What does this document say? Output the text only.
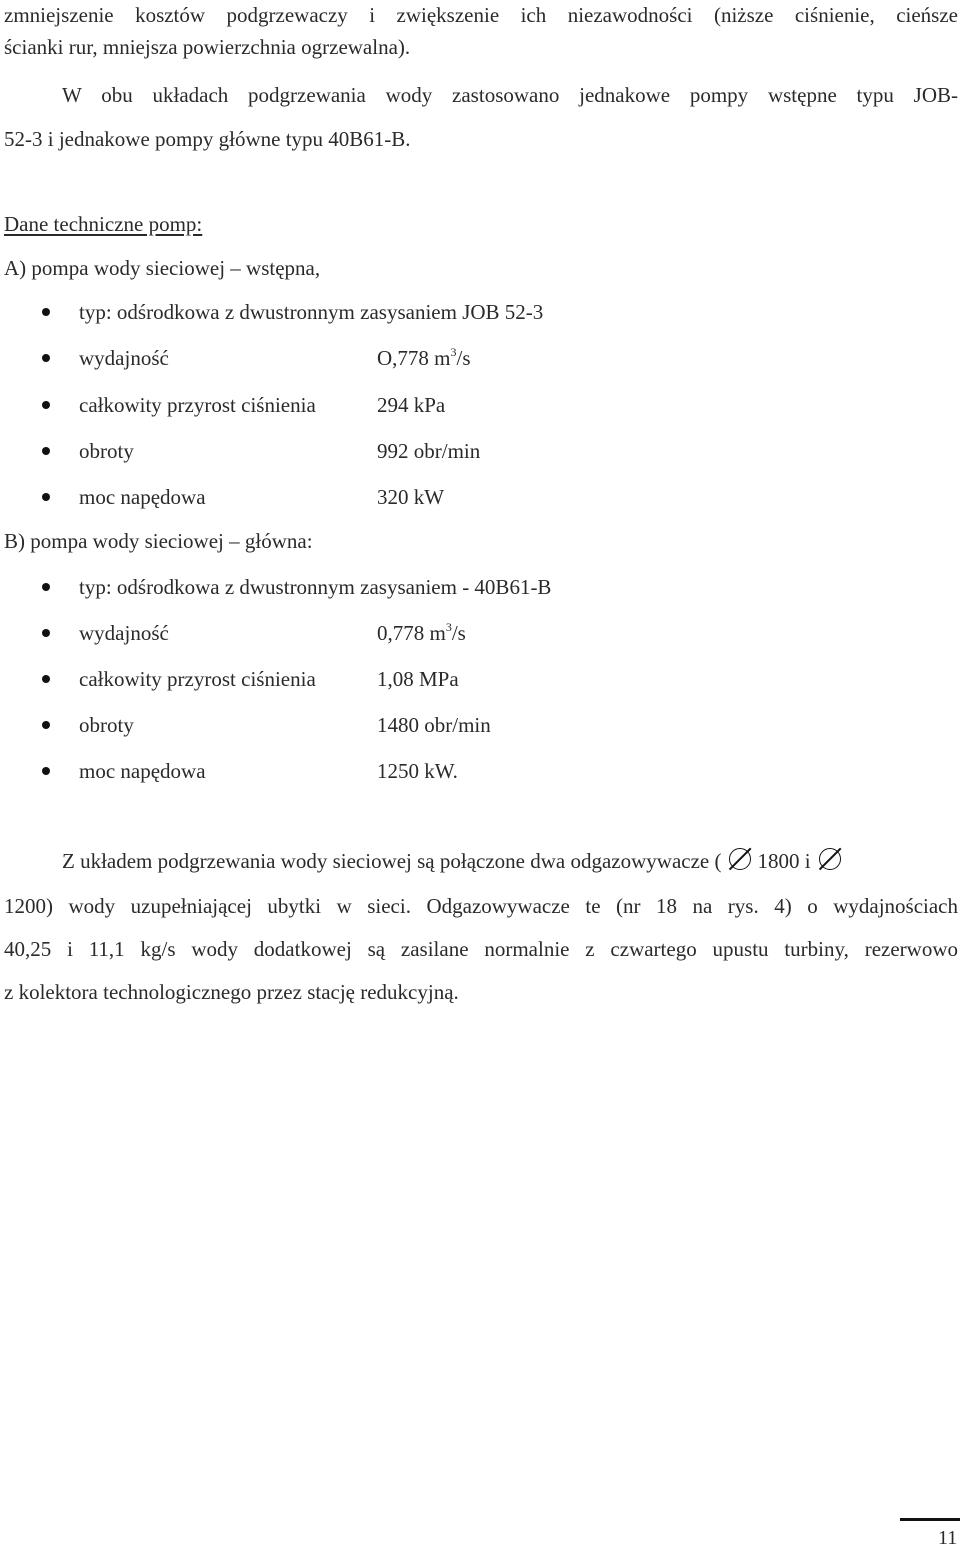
zmniejszenie kosztów podgrzewaczy i zwiększenie ich niezawodności (niższe ciśnienie, cieńsze
ścianki rur, mniejsza powierzchnia ogrzewalna).
W obu układach podgrzewania wody zastosowano jednakowe pompy wstępne typu JOB-
52-3 i jednakowe pompy główne typu 40B61-B.
Dane techniczne pomp:
A) pompa wody sieciowej – wstępna,
typ: odśrodkowa z dwustronnym zasysaniem JOB 52-3
wydajność	O,778 $m^3/s$
całkowity przyrost ciśnienia	294 kPa
obroty	992 obr/min
moc napędowa	320 kW
B) pompa wody sieciowej – główna:
typ: odśrodkowa z dwustronnym zasysaniem - 40B61-B
wydajność	0,778 $m^3/s$
całkowity przyrost ciśnienia	1,08 MPa
obroty	1480 obr/min
moc napędowa	1250 kW.
Z układem podgrzewania wody sieciowej są połączone dwa odgazowywacze ( 1800 i
1200) wody uzupełniającej ubytki w sieci. Odgazowywacze te (nr 18 na rys. 4) o wydajnościach
40,25 i 11,1 kg/s wody dodatkowej są zasilane normalnie z czwartego upustu turbiny, rezerwowo
z kolektora technologicznego przez stację redukcyjną.
11
